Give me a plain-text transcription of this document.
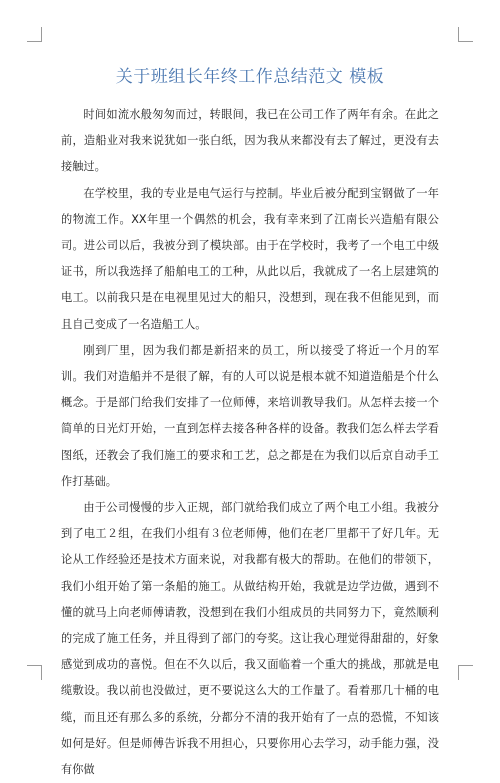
关于班组长年终工作总结范文 模板

时间如流水般匆匆而过，转眼间，我已在公司工作了两年有余。在此之前，造船业对我来说犹如一张白纸，因为我从来都没有去了解过，更没有去接触过。

在学校里，我的专业是电气运行与控制。毕业后被分配到宝钢做了一年的物流工作。XX年里一个偶然的机会，我有幸来到了江南长兴造船有限公司。进公司以后，我被分到了模块部。由于在学校时，我考了一个电工中级证书，所以我选择了船舶电工的工种，从此以后，我就成了一名上层建筑的电工。以前我只是在电视里见过大的船只，没想到，现在我不但能见到，而且自己变成了一名造船工人。

刚到厂里，因为我们都是新招来的员工，所以接受了将近一个月的军训。我们对造船并不是很了解，有的人可以说是根本就不知道造船是个什么概念。于是部门给我们安排了一位师傅，来培训教导我们。从怎样去接一个简单的日光灯开始，一直到怎样去接各种各样的设备。教我们怎么样去学看图纸，还教会了我们施工的要求和工艺，总之都是在为我们以后京自动手工作打基础。

由于公司慢慢的步入正规，部门就给我们成立了两个电工小组。我被分到了电工２组，在我们小组有３位老师傅，他们在老厂里都干了好几年。无论从工作经验还是技术方面来说，对我都有极大的帮助。在他们的带领下，我们小组开始了第一条船的施工。从做结构开始，我就是边学边做，遇到不懂的就马上向老师傅请教，没想到在我们小组成员的共同努力下，竟然顺利的完成了施工任务，并且得到了部门的夸奖。这让我心理觉得甜甜的，好象感觉到成功的喜悦。但在不久以后，我又面临着一个重大的挑战，那就是电缆敷设。我以前也没做过，更不要说这么大的工作量了。看着那几十桶的电缆，而且还有那么多的系统，分都分不清的我开始有了一点的恐慌，不知该如何是好。但是师傅告诉我不用担心，只要你用心去学习，动手能力强，没有你做
